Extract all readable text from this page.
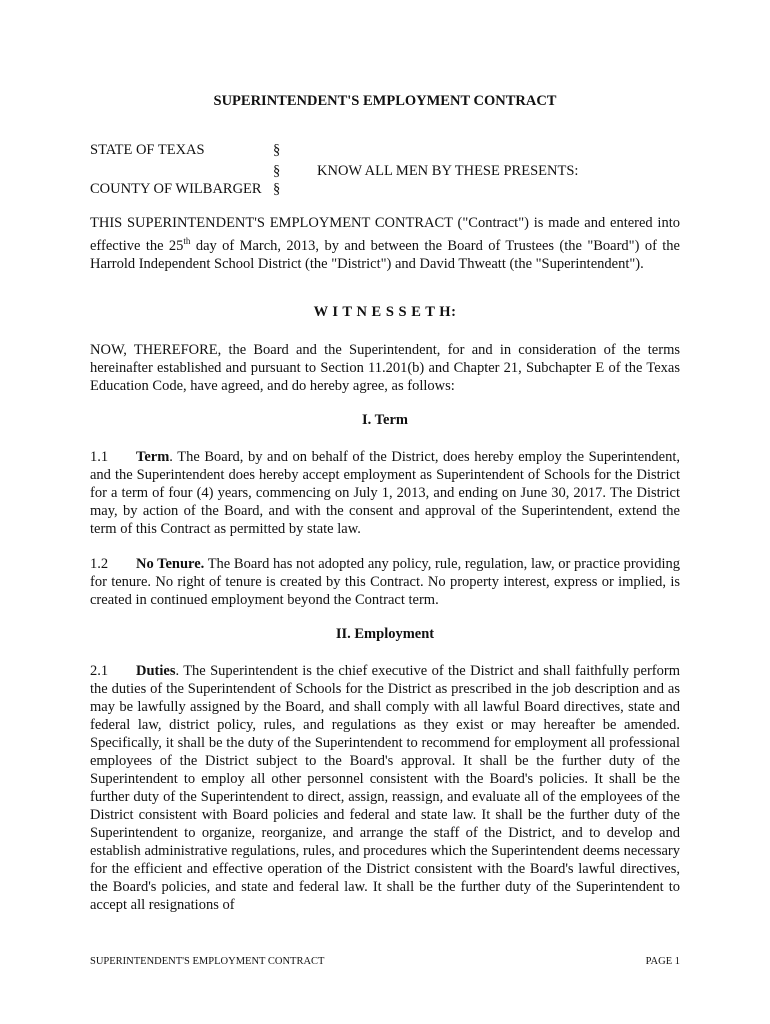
SUPERINTENDENT'S EMPLOYMENT CONTRACT
STATE OF TEXAS	§
§	KNOW ALL MEN BY THESE PRESENTS:
COUNTY OF WILBARGER §

THIS SUPERINTENDENT'S EMPLOYMENT CONTRACT ("Contract") is made and entered into effective the 25th day of March, 2013, by and between the Board of Trustees (the "Board") of the Harrold Independent School District (the "District") and David Thweatt (the "Superintendent").

W I T N E S S E T H:

NOW, THEREFORE, the Board and the Superintendent, for and in consideration of the terms hereinafter established and pursuant to Section 11.201(b) and Chapter 21, Subchapter E of the Texas Education Code, have agreed, and do hereby agree, as follows:

I. Term

1.1 Term. The Board, by and on behalf of the District, does hereby employ the Superintendent, and the Superintendent does hereby accept employment as Superintendent of Schools for the District for a term of four (4) years, commencing on July 1, 2013, and ending on June 30, 2017. The District may, by action of the Board, and with the consent and approval of the Superintendent, extend the term of this Contract as permitted by state law.

1.2 No Tenure. The Board has not adopted any policy, rule, regulation, law, or practice providing for tenure. No right of tenure is created by this Contract. No property interest, express or implied, is created in continued employment beyond the Contract term.

II. Employment

2.1 Duties. The Superintendent is the chief executive of the District and shall faithfully perform the duties of the Superintendent of Schools for the District as prescribed in the job description and as may be lawfully assigned by the Board, and shall comply with all lawful Board directives, state and federal law, district policy, rules, and regulations as they exist or may hereafter be amended. Specifically, it shall be the duty of the Superintendent to recommend for employment all professional employees of the District subject to the Board's approval. It shall be the further duty of the Superintendent to employ all other personnel consistent with the Board's policies. It shall be the further duty of the Superintendent to direct, assign, reassign, and evaluate all of the employees of the District consistent with Board policies and federal and state law. It shall be the further duty of the Superintendent to organize, reorganize, and arrange the staff of the District, and to develop and establish administrative regulations, rules, and procedures which the Superintendent deems necessary for the efficient and effective operation of the District consistent with the Board's lawful directives, the Board's policies, and state and federal law. It shall be the further duty of the Superintendent to accept all resignations of

SUPERINTENDENT'S EMPLOYMENT CONTRACT	PAGE 1
